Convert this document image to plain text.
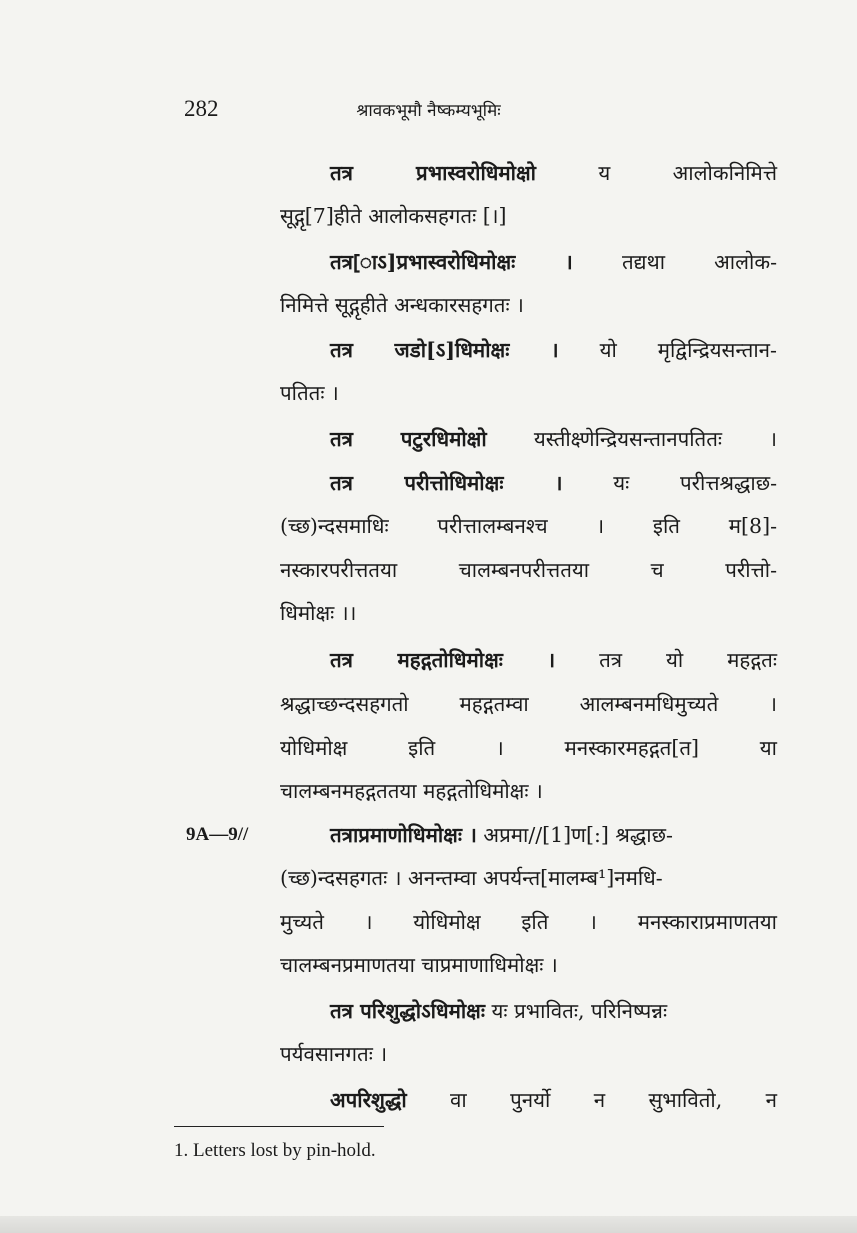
282	श्रावकभूमौ नैष्कम्यभूमिः
9A—9//
तत्र प्रभास्वरोधिमोक्षो य आलोकनिमित्ते
सूद्गृ[7]हीते आलोकसहगतः [।]
तत्र[ाऽ]प्रभास्वरोधिमोक्षः । तद्यथा आलोक-
निमित्ते सूद्गृहीते अन्धकारसहगतः ।
तत्र जडो[ऽ]धिमोक्षः । यो मृद्विन्द्रियसन्तान-
पतितः ।
तत्र पटुरधिमोक्षो यस्तीक्ष्णेन्द्रियसन्तानपतितः ।
तत्र परीत्तोधिमोक्षः । यः परीत्तश्रद्धाछ-
(च्छ)न्दसमाधिः परीत्तालम्बनश्च । इति म[8]-
नस्कारपरीत्ततया चालम्बनपरीत्ततया च परीत्तो-
धिमोक्षः ।।
तत्र महद्गतोधिमोक्षः । तत्र यो महद्गतः
श्रद्धाच्छन्दसहगतो महद्गतम्वा आलम्बनमधिमुच्यते ।
योधिमोक्ष इति । मनस्कारमहद्गत[त] या
चालम्बनमहद्गततया महद्गतोधिमोक्षः ।
तत्राप्रमाणोधिमोक्षः । अप्रमा//[1]ण[:] श्रद्धाछ-
(च्छ)न्दसहगतः । अनन्तम्वा अपर्यन्त[मालम्ब¹]नमधि-
मुच्यते । योधिमोक्ष इति । मनस्काराप्रमाणतया
चालम्बनप्रमाणतया चाप्रमाणाधिमोक्षः ।
तत्र परिशुद्धोऽधिमोक्षः यः प्रभावितः, परिनिष्पन्नः
पर्यवसानगतः ।
अपरिशुद्धो वा पुनर्यो न सुभावितो, न
1. Letters lost by pin-hold.
